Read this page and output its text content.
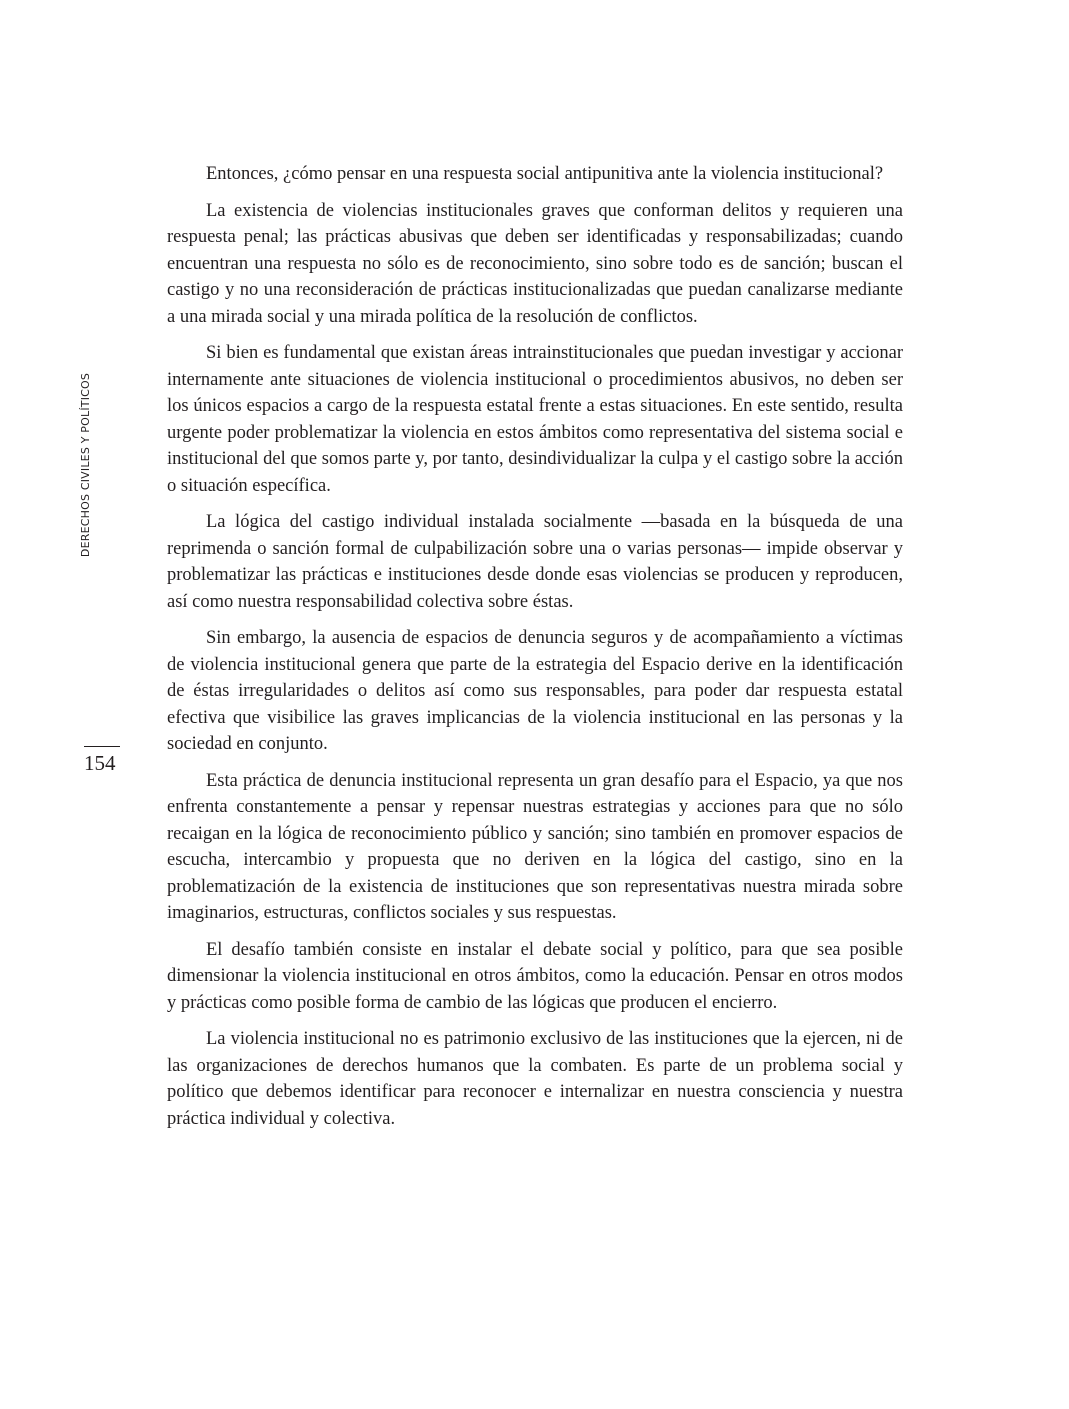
DERECHOS CIVILES Y POLÍTICOS
154

Entonces, ¿cómo pensar en una respuesta social antipunitiva ante la violencia institucional?

La existencia de violencias institucionales graves que conforman delitos y requieren una respuesta penal; las prácticas abusivas que deben ser identificadas y responsabilizadas; cuando encuentran una respuesta no sólo es de reconocimiento, sino sobre todo es de sanción; buscan el castigo y no una reconsideración de prácticas institucionalizadas que puedan canalizarse mediante a una mirada social y una mirada política de la resolución de conflictos.

Si bien es fundamental que existan áreas intrainstitucionales que puedan investigar y accionar internamente ante situaciones de violencia institucional o procedimientos abusivos, no deben ser los únicos espacios a cargo de la respuesta estatal frente a estas situaciones. En este sentido, resulta urgente poder problematizar la violencia en estos ámbitos como representativa del sistema social e institucional del que somos parte y, por tanto, desindividualizar la culpa y el castigo sobre la acción o situación específica.

La lógica del castigo individual instalada socialmente —basada en la búsqueda de una reprimenda o sanción formal de culpabilización sobre una o varias personas— impide observar y problematizar las prácticas e instituciones desde donde esas violencias se producen y reproducen, así como nuestra responsabilidad colectiva sobre éstas.

Sin embargo, la ausencia de espacios de denuncia seguros y de acompañamiento a víctimas de violencia institucional genera que parte de la estrategia del Espacio derive en la identificación de éstas irregularidades o delitos así como sus responsables, para poder dar respuesta estatal efectiva que visibilice las graves implicancias de la violencia institucional en las personas y la sociedad en conjunto.

Esta práctica de denuncia institucional representa un gran desafío para el Espacio, ya que nos enfrenta constantemente a pensar y repensar nuestras estrategias y acciones para que no sólo recaigan en la lógica de reconocimiento público y sanción; sino también en promover espacios de escucha, intercambio y propuesta que no deriven en la lógica del castigo, sino en la problematización de la existencia de instituciones que son representativas nuestra mirada sobre imaginarios, estructuras, conflictos sociales y sus respuestas.

El desafío también consiste en instalar el debate social y político, para que sea posible dimensionar la violencia institucional en otros ámbitos, como la educación. Pensar en otros modos y prácticas como posible forma de cambio de las lógicas que producen el encierro.

La violencia institucional no es patrimonio exclusivo de las instituciones que la ejercen, ni de las organizaciones de derechos humanos que la combaten. Es parte de un problema social y político que debemos identificar para reconocer e internalizar en nuestra consciencia y nuestra práctica individual y colectiva.
